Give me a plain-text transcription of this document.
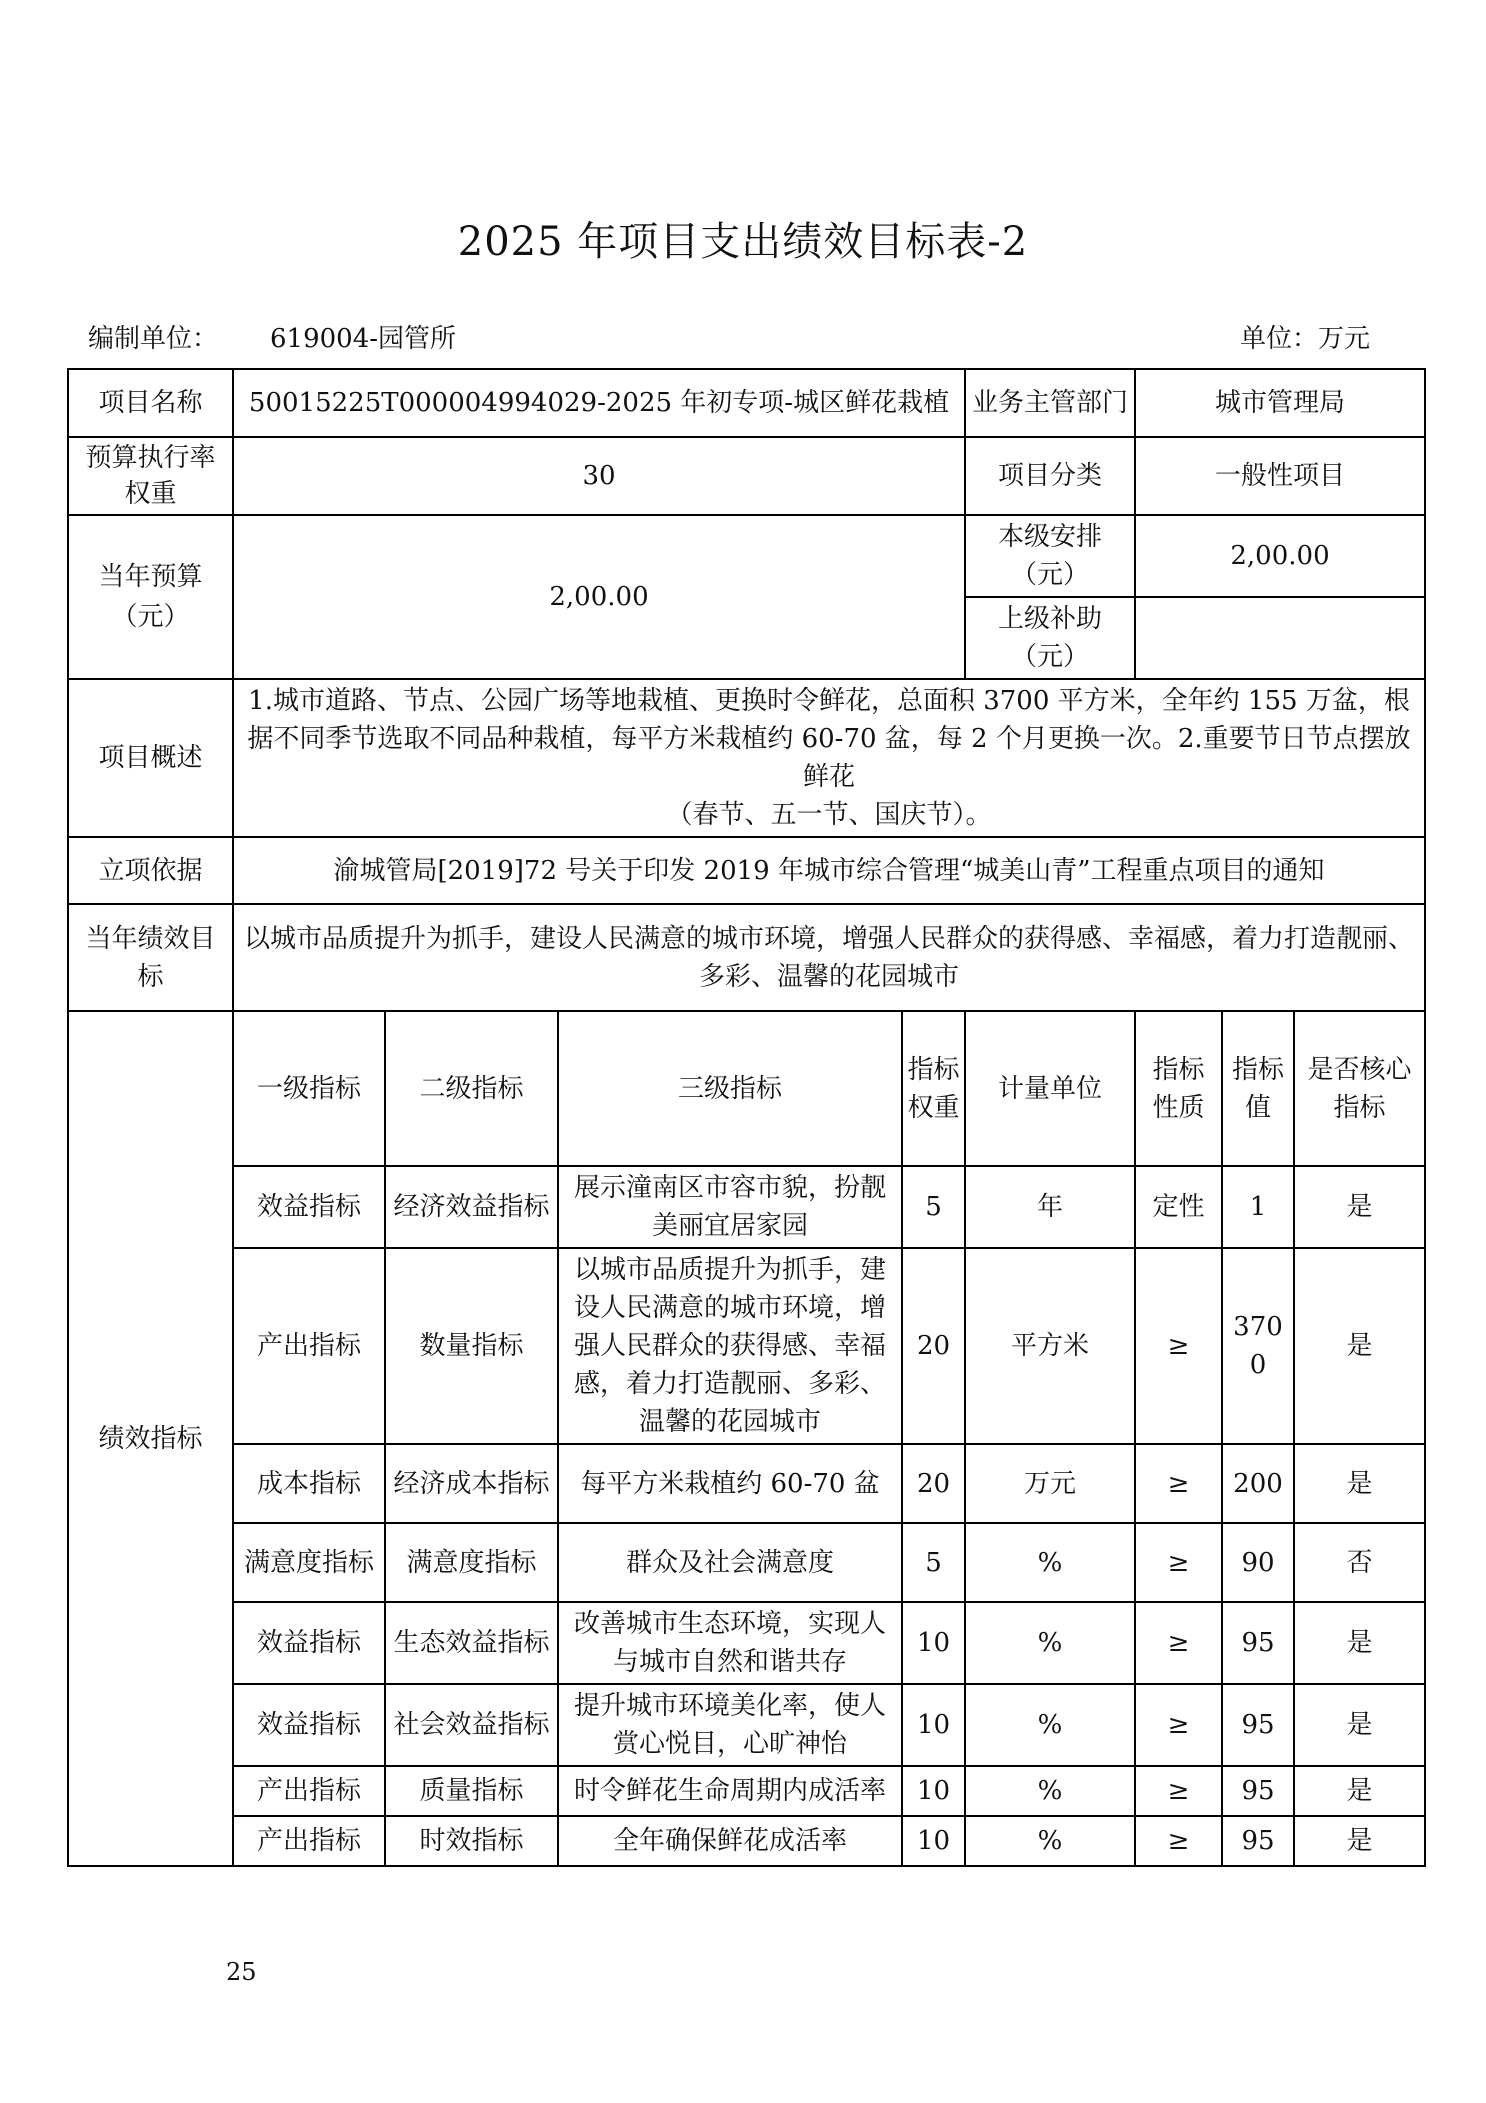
2025 年项目支出绩效目标表-2
编制单位： 619004-园管所	单位：万元
项目名称	50015225T000004994029-2025 年初专项-城区鲜花栽植				业务主管部门	城市管理局		
预算执行率权重	30				项目分类	一般性项目		
当年预算（元）	2,00.00				本级安排（元）	2,00.00		
					上级补助（元）			
项目概述	1.城市道路、节点、公园广场等地栽植、更换时令鲜花，总面积 3700 平方米，全年约 155 万盆，根据不同季节选取不同品种栽植，每平方米栽植约 60-70 盆，每 2 个月更换一次。2.重要节日节点摆放鲜花
（春节、五一节、国庆节）。							

立项依据	渝城管局[2019]72 号关于印发 2019 年城市综合管理“城美山青”工程重点项目的通知							
当年绩效目标	以城市品质提升为抓手，建设人民满意的城市环境，增强人民群众的获得感、幸福感，着力打造靓丽、多彩、温馨的花园城市							
绩效指标	一级指标	二级指标	三级指标	指标权重	计量单位	指标性质	指标值	是否核心指标
	效益指标	经济效益指标	展示潼南区市容市貌，扮靓美丽宜居家园	5	年	定性	1	是
	产出指标	数量指标	以城市品质提升为抓手，建设人民满意的城市环境，增强人民群众的获得感、幸福感，着力打造靓丽、多彩、温馨的花园城市	20	平方米	≥	3700	是
	成本指标	经济成本指标	每平方米栽植约 60-70 盆	20	万元	≥	200	是
	满意度指标	满意度指标	群众及社会满意度	5	%	≥	90	否
	效益指标	生态效益指标	改善城市生态环境，实现人与城市自然和谐共存	10	%	≥	95	是
	效益指标	社会效益指标	提升城市环境美化率，使人赏心悦目，心旷神怡	10	%	≥	95	是
	产出指标	质量指标	时令鲜花生命周期内成活率	10	%	≥	95	是
	产出指标	时效指标	全年确保鲜花成活率	10	%	≥	95	是
25
